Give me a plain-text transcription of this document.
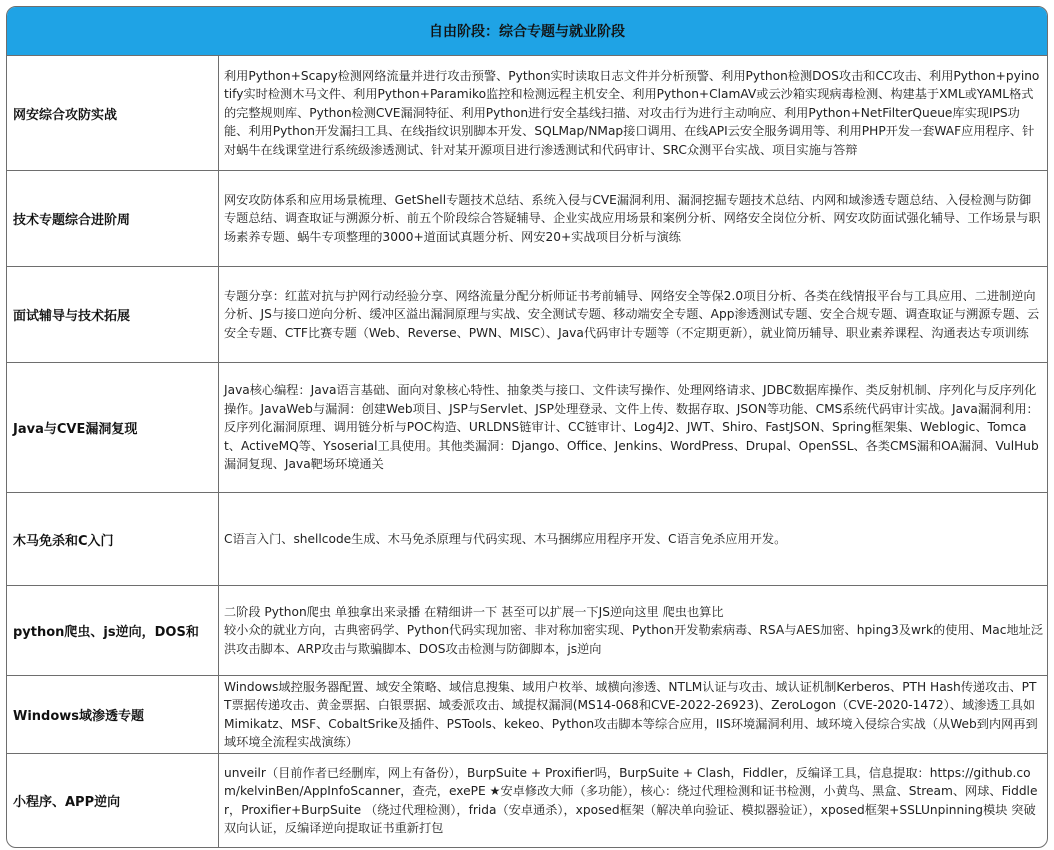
自由阶段：综合专题与就业阶段
网安综合攻防实战
利用Python+Scapy检测网络流量并进行攻击预警、Python实时读取日志文件并分析预警、利用Python检测DOS攻击和CC攻击、利用Python+pyinotify实时检测木马文件、利用Python+Paramiko监控和检测远程主机安全、利用Python+ClamAV或云沙箱实现病毒检测、构建基于XML或YAML格式的完整规则库、Python检测CVE漏洞特征、利用Python进行安全基线扫描、对攻击行为进行主动响应、利用Python+NetFilterQueue库实现IPS功能、利用Python开发漏扫工具、在线指纹识别脚本开发、SQLMap/NMap接口调用、在线API云安全服务调用等、利用PHP开发一套WAF应用程序、针对蜗牛在线课堂进行系统级渗透测试、针对某开源项目进行渗透测试和代码审计、SRC众测平台实战、项目实施与答辩
技术专题综合进阶周
网安攻防体系和应用场景梳理、GetShell专题技术总结、系统入侵与CVE漏洞利用、漏洞挖掘专题技术总结、内网和域渗透专题总结、入侵检测与防御专题总结、调查取证与溯源分析、前五个阶段综合答疑辅导、企业实战应用场景和案例分析、网络安全岗位分析、网安攻防面试强化辅导、工作场景与职场素养专题、蜗牛专项整理的3000+道面试真题分析、网安20+实战项目分析与演练
面试辅导与技术拓展
专题分享：红蓝对抗与护网行动经验分享、网络流量分配分析师证书考前辅导、网络安全等保2.0项目分析、各类在线情报平台与工具应用、二进制逆向分析、JS与接口逆向分析、缓冲区溢出漏洞原理与实战、安全测试专题、移动端安全专题、App渗透测试专题、安全合规专题、调查取证与溯源专题、云安全专题、CTF比赛专题（Web、Reverse、PWN、MISC）、Java代码审计专题等（不定期更新），就业简历辅导、职业素养课程、沟通表达专项训练
Java与CVE漏洞复现
Java核心编程：Java语言基础、面向对象核心特性、抽象类与接口、文件读写操作、处理网络请求、JDBC数据库操作、类反射机制、序列化与反序列化操作。JavaWeb与漏洞：创建Web项目、JSP与Servlet、JSP处理登录、文件上传、数据存取、JSON等功能、CMS系统代码审计实战。Java漏洞利用：反序列化漏洞原理、调用链分析与POC构造、URLDNS链审计、CC链审计、Log4J2、JWT、Shiro、FastJSON、Spring框架集、Weblogic、Tomcat、ActiveMQ等、Ysoserial工具使用。其他类漏洞：Django、Office、Jenkins、WordPress、Drupal、OpenSSL、各类CMS漏和OA漏洞、VulHub漏洞复现、Java靶场环境通关
木马免杀和C入门	C语言入门、shellcode生成、木马免杀原理与代码实现、木马捆绑应用程序开发、C语言免杀应用开发。
python爬虫、js逆向，DOS和
二阶段 Python爬虫 单独拿出来录播 在精细讲一下 甚至可以扩展一下JS逆向这里 爬虫也算比
较小众的就业方向，古典密码学、Python代码实现加密、非对称加密实现、Python开发勒索病毒、RSA与AES加密、hping3及wrk的使用、Mac地址泛洪攻击脚本、ARP攻击与欺骗脚本、DOS攻击检测与防御脚本，js逆向
Windows域渗透专题
Windows域控服务器配置、域安全策略、域信息搜集、域用户枚举、域横向渗透、NTLM认证与攻击、域认证机制Kerberos、PTH Hash传递攻击、PTT票据传递攻击、黄金票据、白银票据、域委派攻击、域提权漏洞(MS14-068和CVE-2022-26923)、ZeroLogon（CVE-2020-1472）、域渗透工具如Mimikatz、MSF、CobaltSrike及插件、PSTools、kekeo、Python攻击脚本等综合应用，IIS环境漏洞利用、域环境入侵综合实战（从Web到内网再到域环境全流程实战演练）
小程序、APP逆向
unveilr（目前作者已经删库，网上有备份），BurpSuite + Proxifier吗，BurpSuite + Clash，Fiddler，反编译工具，信息提取：https://github.com/kelvinBen/AppInfoScanner，查壳，exePE ★安卓修改大师（多功能），核心：绕过代理检测和证书检测，小黄鸟、黑盒、Stream、网球、Fiddler，Proxifier+BurpSuite （绕过代理检测），frida（安卓通杀），xposed框架（解决单向验证、模拟器验证），xposed框架+SSLUnpinning模块 突破双向认证，反编译逆向提取证书重新打包
